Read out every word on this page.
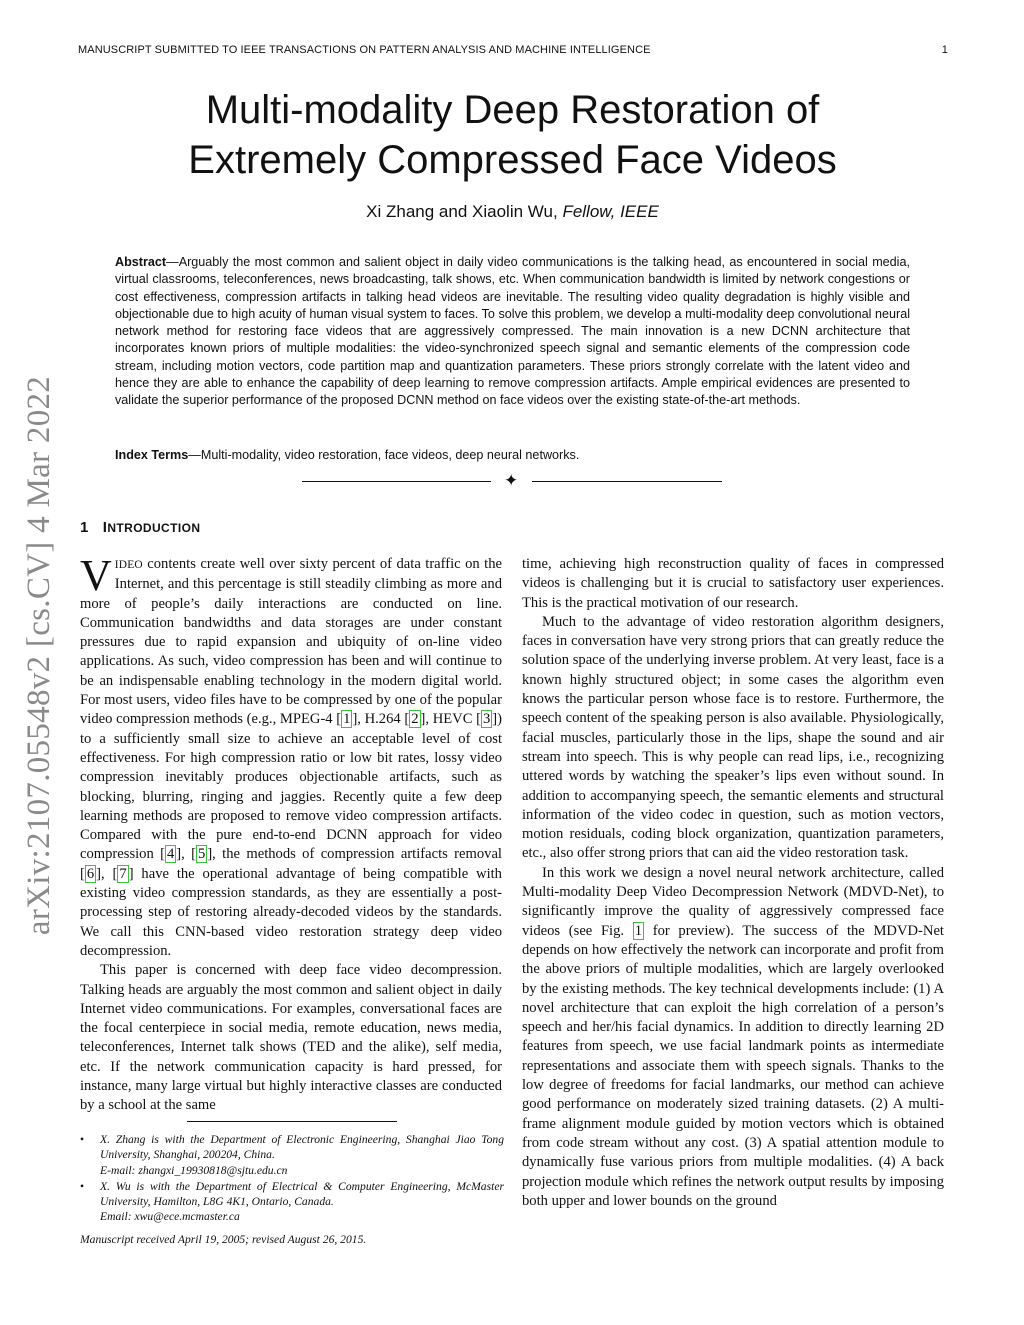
MANUSCRIPT SUBMITTED TO IEEE TRANSACTIONS ON PATTERN ANALYSIS AND MACHINE INTELLIGENCE	1
arXiv:2107.05548v2 [cs.CV] 4 Mar 2022
Multi-modality Deep Restoration of
Extremely Compressed Face Videos
Xi Zhang and Xiaolin Wu, Fellow, IEEE
Abstract—Arguably the most common and salient object in daily video communications is the talking head, as encountered in social media, virtual classrooms, teleconferences, news broadcasting, talk shows, etc. When communication bandwidth is limited by network congestions or cost effectiveness, compression artifacts in talking head videos are inevitable. The resulting video quality degradation is highly visible and objectionable due to high acuity of human visual system to faces. To solve this problem, we develop a multi-modality deep convolutional neural network method for restoring face videos that are aggressively compressed. The main innovation is a new DCNN architecture that incorporates known priors of multiple modalities: the video-synchronized speech signal and semantic elements of the compression code stream, including motion vectors, code partition map and quantization parameters. These priors strongly correlate with the latent video and hence they are able to enhance the capability of deep learning to remove compression artifacts. Ample empirical evidences are presented to validate the superior performance of the proposed DCNN method on face videos over the existing state-of-the-art methods.
Index Terms—Multi-modality, video restoration, face videos, deep neural networks.
✦
1 INTRODUCTION

VIDEO contents create well over sixty percent of data traffic on the Internet, and this percentage is still steadily climbing as more and more of people’s daily interactions are conducted on line. Communication bandwidths and data storages are under constant pressures due to rapid expansion and ubiquity of on-line video applications. As such, video compression has been and will continue to be an indispensable enabling technology in the modern digital world. For most users, video files have to be compressed by one of the popular video compression methods (e.g., MPEG-4 [ 1 ], H.264 [ 2 ], HEVC [ 3 ]) to a sufficiently small size to achieve an acceptable level of cost effectiveness. For high compression ratio or low bit rates, lossy video compression inevitably produces objectionable artifacts, such as blocking, blurring, ringing and jaggies. Recently quite a few deep learning methods are proposed to remove video compression artifacts. Compared with the pure end-to-end DCNN approach for video compression [ 4 ], [ 5 ], the methods of compression artifacts removal [ 6 ], [ 7 ] have the operational advantage of being compatible with existing video compression standards, as they are essentially a post-processing step of restoring already-decoded videos by the standards. We call this CNN-based video restoration strategy deep video decompression.

This paper is concerned with deep face video decompression. Talking heads are arguably the most common and salient object in daily Internet video communications. For examples, conversational faces are the focal centerpiece in social media, remote education, news media, teleconferences, Internet talk shows (TED and the alike), self media, etc. If the network communication capacity is hard pressed, for instance, many large virtual but highly interactive classes are conducted by a school at the same

• X. Zhang is with the Department of Electronic Engineering, Shanghai Jiao Tong University, Shanghai, 200204, China.
E-mail: zhangxi_19930818@sjtu.edu.cn
• X. Wu is with the Department of Electrical & Computer Engineering, McMaster University, Hamilton, L8G 4K1, Ontario, Canada.
Email: xwu@ece.mcmaster.ca
Manuscript received April 19, 2005; revised August 26, 2015.

time, achieving high reconstruction quality of faces in compressed videos is challenging but it is crucial to satisfactory user experiences. This is the practical motivation of our research.

Much to the advantage of video restoration algorithm designers, faces in conversation have very strong priors that can greatly reduce the solution space of the underlying inverse problem. At very least, face is a known highly structured object; in some cases the algorithm even knows the particular person whose face is to restore. Furthermore, the speech content of the speaking person is also available. Physiologically, facial muscles, particularly those in the lips, shape the sound and air stream into speech. This is why people can read lips, i.e., recognizing uttered words by watching the speaker’s lips even without sound. In addition to accompanying speech, the semantic elements and structural information of the video codec in question, such as motion vectors, motion residuals, coding block organization, quantization parameters, etc., also offer strong priors that can aid the video restoration task.

In this work we design a novel neural network architecture, called Multi-modality Deep Video Decompression Network (MDVD-Net), to significantly improve the quality of aggressively compressed face videos (see Fig. 1 for preview). The success of the MDVD-Net depends on how effectively the network can incorporate and profit from the above priors of multiple modalities, which are largely overlooked by the existing methods. The key technical developments include: (1) A novel architecture that can exploit the high correlation of a person’s speech and her/his facial dynamics. In addition to directly learning 2D features from speech, we use facial landmark points as intermediate representations and associate them with speech signals. Thanks to the low degree of freedoms for facial landmarks, our method can achieve good performance on moderately sized training datasets. (2) A multi-frame alignment module guided by motion vectors which is obtained from code stream without any cost. (3) A spatial attention module to dynamically fuse various priors from multiple modalities. (4) A back projection module which refines the network output results by imposing both upper and lower bounds on the ground
